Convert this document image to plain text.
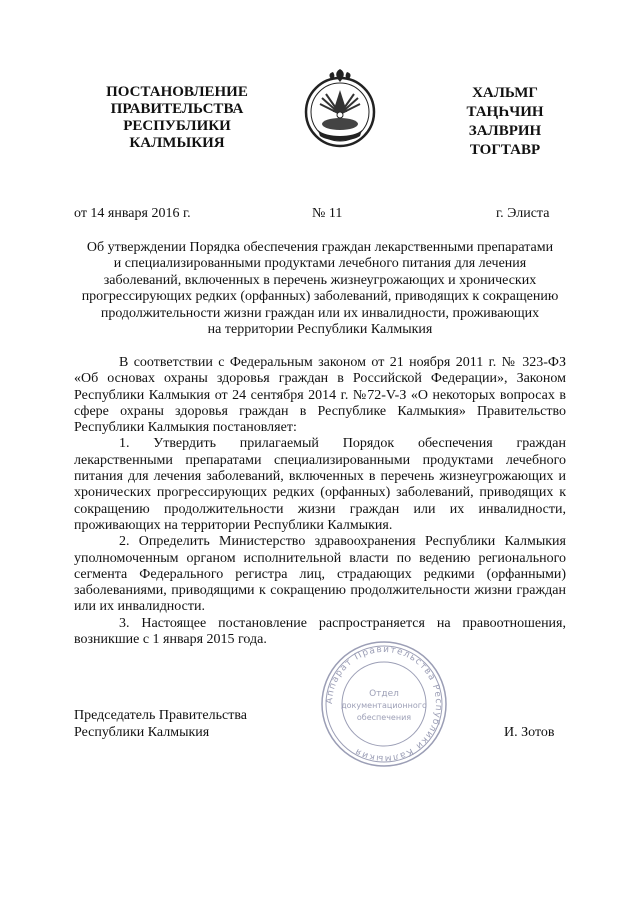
ПОСТАНОВЛЕНИЕ
ПРАВИТЕЛЬСТВА
РЕСПУБЛИКИ
КАЛМЫКИЯ
ХАЛЬМГ
ТАҢҺЧИН
ЗАЛВРИН
ТОГТАВР
от 14 января 2016 г.	№ 11	г. Элиста
Об утверждении Порядка обеспечения граждан лекарственными препаратами
и специализированными продуктами лечебного питания для лечения
заболеваний, включенных в перечень жизнеугрожающих и хронических
прогрессирующих редких (орфанных) заболеваний, приводящих к сокращению
продолжительности жизни граждан или их инвалидности, проживающих
на территории Республики Калмыкия

В соответствии с Федеральным законом от 21 ноября 2011 г. № 323-ФЗ «Об основах охраны здоровья граждан в Российской Федерации», Законом Республики Калмыкия от 24 сентября 2014 г. №72-V-З «О некоторых вопросах в сфере охраны здоровья граждан в Республике Калмыкия» Правительство Республики Калмыкия постановляет:

1. Утвердить прилагаемый Порядок обеспечения граждан лекарственными препаратами специализированными продуктами лечебного питания для лечения заболеваний, включенных в перечень жизнеугрожающих и хронических прогрессирующих редких (орфанных) заболеваний, приводящих к сокращению продолжительности жизни граждан или их инвалидности, проживающих на территории Республики Калмыкия.

2. Определить Министерство здравоохранения Республики Калмыкия уполномоченным органом исполнительной власти по ведению регионального сегмента Федерального регистра лиц, страдающих редкими (орфанными) заболеваниями, приводящими к сокращению продолжительности жизни граждан или их инвалидности.

3. Настоящее постановление распространяется на правоотношения, возникшие с 1 января 2015 года.

Аппарат Правительства Республики Калмыкия
Отдел
документационного
обеспечения
Председатель Правительства
Республики Калмыкия	И. Зотов
